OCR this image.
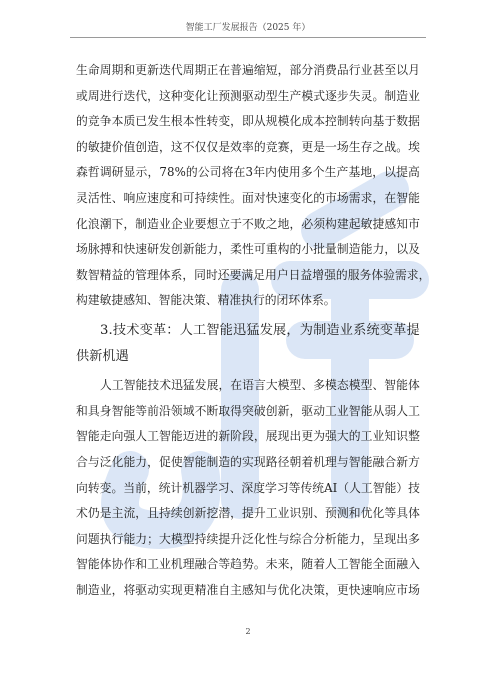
智能工厂发展报告（2025 年）
生 命 周 期 和 更 新 迭 代 周 期 正 在 普 遍 缩 短 ， 部 分 消 费 品 行 业 甚 至 以 月
或 周 进 行 迭 代 ， 这 种 变 化 让 预 测 驱 动 型 生 产 模 式 逐 步 失 灵 。 制 造 业
的 竞 争 本 质 已 发 生 根 本 性 转 变 ， 即 从 规 模 化 成 本 控 制 转 向 基 于 数 据
的 敏 捷 价 值 创 造 ， 这 不 仅 仅 是 效 率 的 竞 赛 ， 更 是 一 场 生 存 之 战 。 埃
森 哲 调 研 显 示 ， 7 8 % 的 公 司 将 在 3 年 内 使 用 多 个 生 产 基 地 ， 以 提 高
灵 活 性 、 响 应 速 度 和 可 持 续 性 。 面 对 快 速 变 化 的 市 场 需 求 ， 在 智 能
化 浪 潮 下 ， 制 造 业 企 业 要 想 立 于 不 败 之 地 ， 必 须 构 建 起 敏 捷 感 知 市
场 脉 搏 和 快 速 研 发 创 新 能 力 ， 柔 性 可 重 构 的 小 批 量 制 造 能 力 ， 以 及
数 智 精 益 的 管 理 体 系 ， 同 时 还 要 满 足 用 户 日 益 增 强 的 服 务 体 验 需 求 ，
构建敏捷感知、智能决策、精准执行的闭环体系。
3 . 技 术 变 革 ： 人 工 智 能 迅 猛 发 展 ， 为 制 造 业 系 统 变 革 提
供新机遇
人 工 智 能 技 术 迅 猛 发 展 ， 在 语 言 大 模 型 、 多 模 态 模 型 、 智 能 体
和 具 身 智 能 等 前 沿 领 域 不 断 取 得 突 破 创 新 ， 驱 动 工 业 智 能 从 弱 人 工
智 能 走 向 强 人 工 智 能 迈 进 的 新 阶 段 ， 展 现 出 更 为 强 大 的 工 业 知 识 整
合 与 泛 化 能 力 ， 促 使 智 能 制 造 的 实 现 路 径 朝 着 机 理 与 智 能 融 合 新 方
向 转 变 。 当 前 ， 统 计 机 器 学 习 、 深 度 学 习 等 传 统 A I （ 人 工 智 能 ） 技
术 仍 是 主 流 ， 且 持 续 创 新 挖 潜 ， 提 升 工 业 识 别 、 预 测 和 优 化 等 具 体
问 题 执 行 能 力 ； 大 模 型 持 续 提 升 泛 化 性 与 综 合 分 析 能 力 ， 呈 现 出 多
智 能 体 协 作 和 工 业 机 理 融 合 等 趋 势 。 未 来 ， 随 着 人 工 智 能 全 面 融 入
制 造 业 ， 将 驱 动 实 现 更 精 准 自 主 感 知 与 优 化 决 策 ， 更 快 速 响 应 市 场
2
